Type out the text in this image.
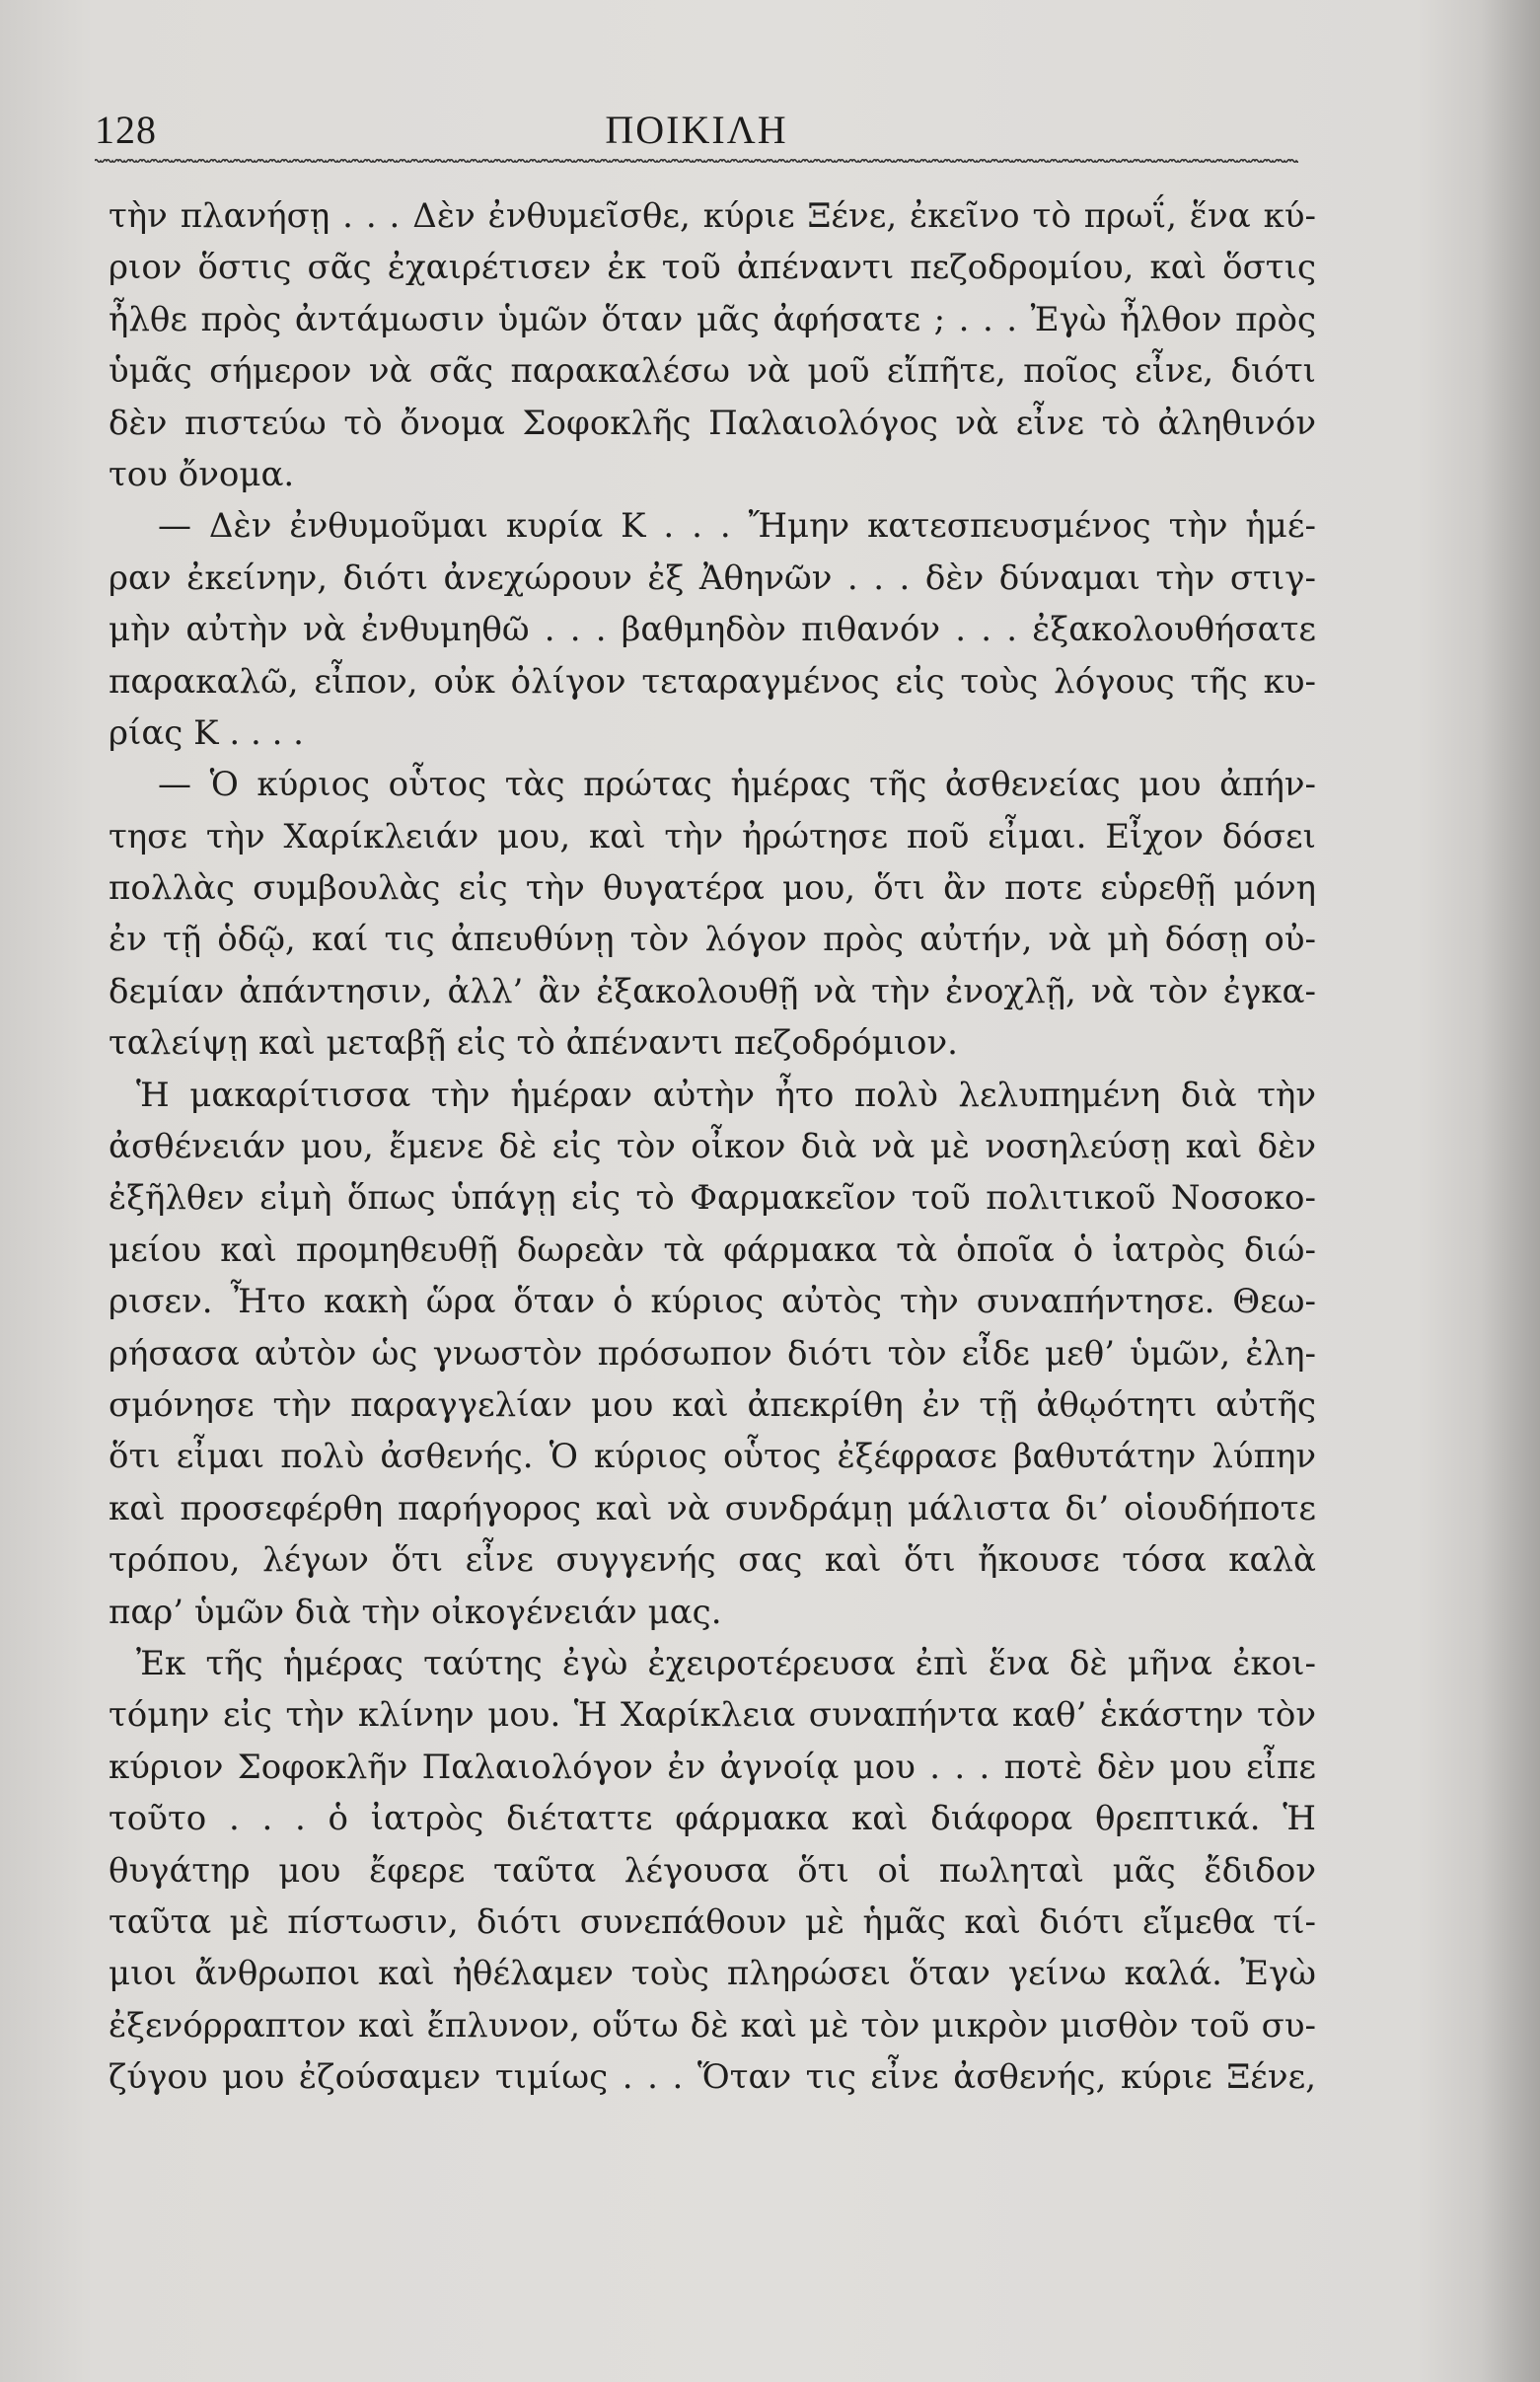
ΠΟΙΚΙΛΗ
128
τὴν πλανήσῃ . . . Δὲν ἐνθυμεῖσθε, κύριε Ξένε, ἐκεῖνο τὸ πρωΐ, ἕνα κύ-
ριον ὅστις σᾶς ἐχαιρέτισεν ἐκ τοῦ ἀπέναντι πεζοδρομίου, καὶ ὅστις
ἦλθε πρὸς ἀντάμωσιν ὑμῶν ὅταν μᾶς ἀφήσατε ; . . . Ἐγὼ ἦλθον πρὸς
ὑμᾶς σήμερον νὰ σᾶς παρακαλέσω νὰ μοῦ εἴπῆτε, ποῖος εἶνε, διότι
δὲν πιστεύω τὸ ὄνομα Σοφοκλῆς Παλαιολόγος νὰ εἶνε τὸ ἀληθινόν
του ὄνομα.
— Δὲν ἐνθυμοῦμαι κυρία Κ . . . Ἤμην κατεσπευσμένος τὴν ἡμέ-
ραν ἐκείνην, διότι ἀνεχώρουν ἐξ Ἀθηνῶν . . . δὲν δύναμαι τὴν στιγ-
μὴν αὐτὴν νὰ ἐνθυμηθῶ . . . βαθμηδὸν πιθανόν . . . ἐξακολουθήσατε
παρακαλῶ, εἶπον, οὐκ ὀλίγον τεταραγμένος εἰς τοὺς λόγους τῆς κυ-
ρίας Κ . . . .
— Ὁ κύριος οὗτος τὰς πρώτας ἡμέρας τῆς ἀσθενείας μου ἀπήν-
τησε τὴν Χαρίκλειάν μου, καὶ τὴν ἠρώτησε ποῦ εἶμαι. Εἶχον δόσει
πολλὰς συμβουλὰς εἰς τὴν θυγατέρα μου, ὅτι ἂν ποτε εὑρεθῇ μόνη
ἐν τῇ ὁδῷ, καί τις ἀπευθύνῃ τὸν λόγον πρὸς αὐτήν, νὰ μὴ δόσῃ οὐ-
δεμίαν ἀπάντησιν, ἀλλ’ ἂν ἐξακολουθῇ νὰ τὴν ἐνοχλῇ, νὰ τὸν ἐγκα-
ταλείψῃ καὶ μεταβῇ εἰς τὸ ἀπέναντι πεζοδρόμιον.
Ἡ μακαρίτισσα τὴν ἡμέραν αὐτὴν ἦτο πολὺ λελυπημένη διὰ τὴν
ἀσθένειάν μου, ἔμενε δὲ εἰς τὸν οἶκον διὰ νὰ μὲ νοσηλεύσῃ καὶ δὲν
ἐξῆλθεν εἰμὴ ὅπως ὑπάγῃ εἰς τὸ Φαρμακεῖον τοῦ πολιτικοῦ Νοσοκο-
μείου καὶ προμηθευθῇ δωρεὰν τὰ φάρμακα τὰ ὁποῖα ὁ ἰατρὸς διώ-
ρισεν. Ἦτο κακὴ ὥρα ὅταν ὁ κύριος αὐτὸς τὴν συναπήντησε. Θεω-
ρήσασα αὐτὸν ὡς γνωστὸν πρόσωπον διότι τὸν εἶδε μεθ’ ὑμῶν, ἐλη-
σμόνησε τὴν παραγγελίαν μου καὶ ἀπεκρίθη ἐν τῇ ἀθῳότητι αὐτῆς
ὅτι εἶμαι πολὺ ἀσθενής. Ὁ κύριος οὗτος ἐξέφρασε βαθυτάτην λύπην
καὶ προσεφέρθη παρήγορος καὶ νὰ συνδράμῃ μάλιστα δι’ οἱουδήποτε
τρόπου, λέγων ὅτι εἶνε συγγενής σας καὶ ὅτι ἤκουσε τόσα καλὰ
παρ’ ὑμῶν διὰ τὴν οἰκογένειάν μας.
Ἐκ τῆς ἡμέρας ταύτης ἐγὼ ἐχειροτέρευσα ἐπὶ ἕνα δὲ μῆνα ἐκοι-
τόμην εἰς τὴν κλίνην μου. Ἡ Χαρίκλεια συναπήντα καθ’ ἑκάστην τὸν
κύριον Σοφοκλῆν Παλαιολόγον ἐν ἀγνοίᾳ μου . . . ποτὲ δὲν μου εἶπε
τοῦτο . . . ὁ ἰατρὸς διέταττε φάρμακα καὶ διάφορα θρεπτικά. Ἡ
θυγάτηρ μου ἔφερε ταῦτα λέγουσα ὅτι οἱ πωληταὶ μᾶς ἔδιδον
ταῦτα μὲ πίστωσιν, διότι συνεπάθουν μὲ ἡμᾶς καὶ διότι εἴμεθα τί-
μιοι ἄνθρωποι καὶ ἠθέλαμεν τοὺς πληρώσει ὅταν γείνω καλά. Ἐγὼ
ἐξενόρραπτον καὶ ἔπλυνον, οὕτω δὲ καὶ μὲ τὸν μικρὸν μισθὸν τοῦ συ-
ζύγου μου ἐζούσαμεν τιμίως . . . Ὅταν τις εἶνε ἀσθενής, κύριε Ξένε,
